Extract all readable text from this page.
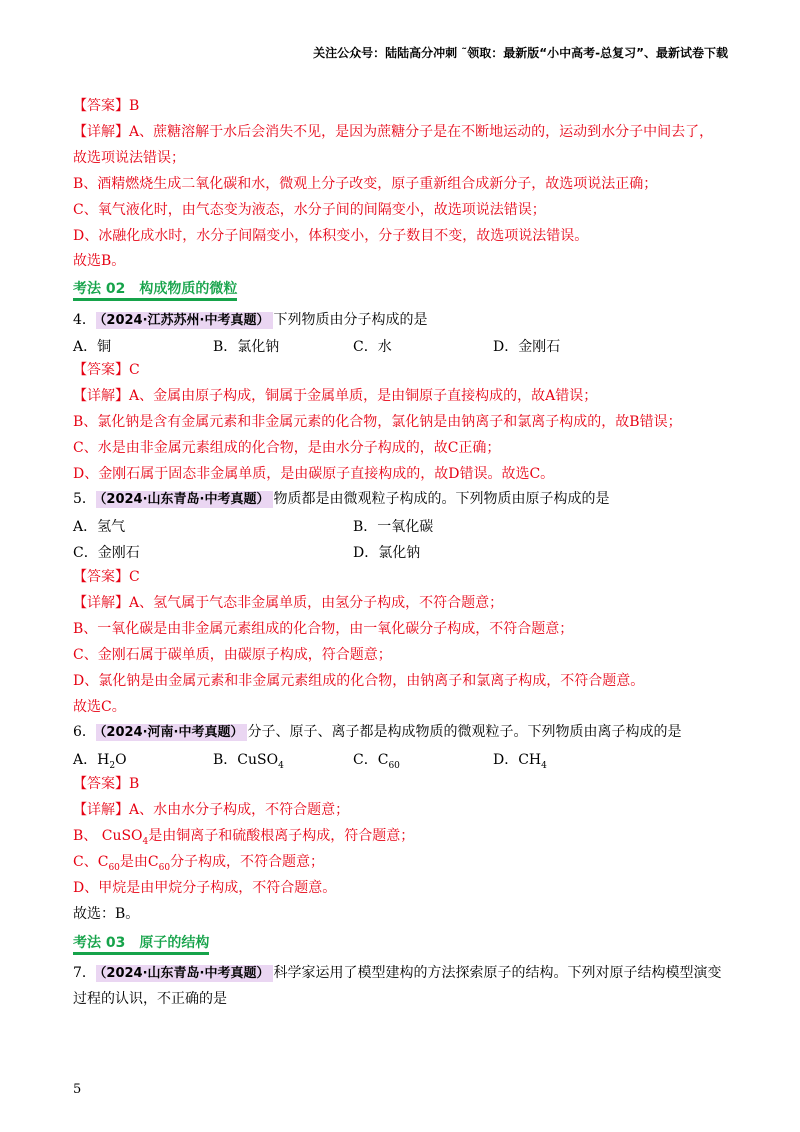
关注公众号：陆陆高分冲刺 ˜领取：最新版“小中高考-总复习”、最新试卷下载
【答案】B
【详解】A、蔗糖溶解于水后会消失不见，是因为蔗糖分子是在不断地运动的，运动到水分子中间去了，
故选项说法错误；
B、酒精燃烧生成二氧化碳和水，微观上分子改变，原子重新组合成新分子，故选项说法正确；
C、氧气液化时，由气态变为液态，水分子间的间隔变小，故选项说法错误；
D、冰融化成水时，水分子间隔变小，体积变小，分子数目不变，故选项说法错误。
故选B。
考法 02　构成物质的微粒
4． （2024·江苏苏州·中考真题） 下列物质由分子构成的是
A．铜	B．氯化钠	C．水	D．金刚石
【答案】C
【详解】A、金属由原子构成，铜属于金属单质，是由铜原子直接构成的，故A错误；
B、氯化钠是含有金属元素和非金属元素的化合物，氯化钠是由钠离子和氯离子构成的，故B错误；
C、水是由非金属元素组成的化合物，是由水分子构成的，故C正确；
D、金刚石属于固态非金属单质，是由碳原子直接构成的，故D错误。故选C。
5． （2024·山东青岛·中考真题） 物质都是由微观粒子构成的。下列物质由原子构成的是
A．氢气	B．一氧化碳
C．金刚石	D．氯化钠
【答案】C
【详解】A、氢气属于气态非金属单质，由氢分子构成，不符合题意；
B、一氧化碳是由非金属元素组成的化合物，由一氧化碳分子构成，不符合题意；
C、金刚石属于碳单质，由碳原子构成，符合题意；
D、氯化钠是由金属元素和非金属元素组成的化合物，由钠离子和氯离子构成，不符合题意。
故选C。
6． （2024·河南·中考真题） 分子、原子、离子都是构成物质的微观粒子。下列物质由离子构成的是
A．$H_2O$	B．CuSO$_4$	C．$C_{60}$	D．$CH_4$
【答案】B
【详解】A、水由水分子构成，不符合题意；
B、 CuSO$_4$是由铜离子和硫酸根离子构成，符合题意；
C、$C_{60}$是由$C_{60}$分子构成，不符合题意；
D、甲烷是由甲烷分子构成，不符合题意。
故选：B。
考法 03　原子的结构
7． （2024·山东青岛·中考真题） 科学家运用了模型建构的方法探索原子的结构。下列对原子结构模型演变
过程的认识，不正确的是
5
